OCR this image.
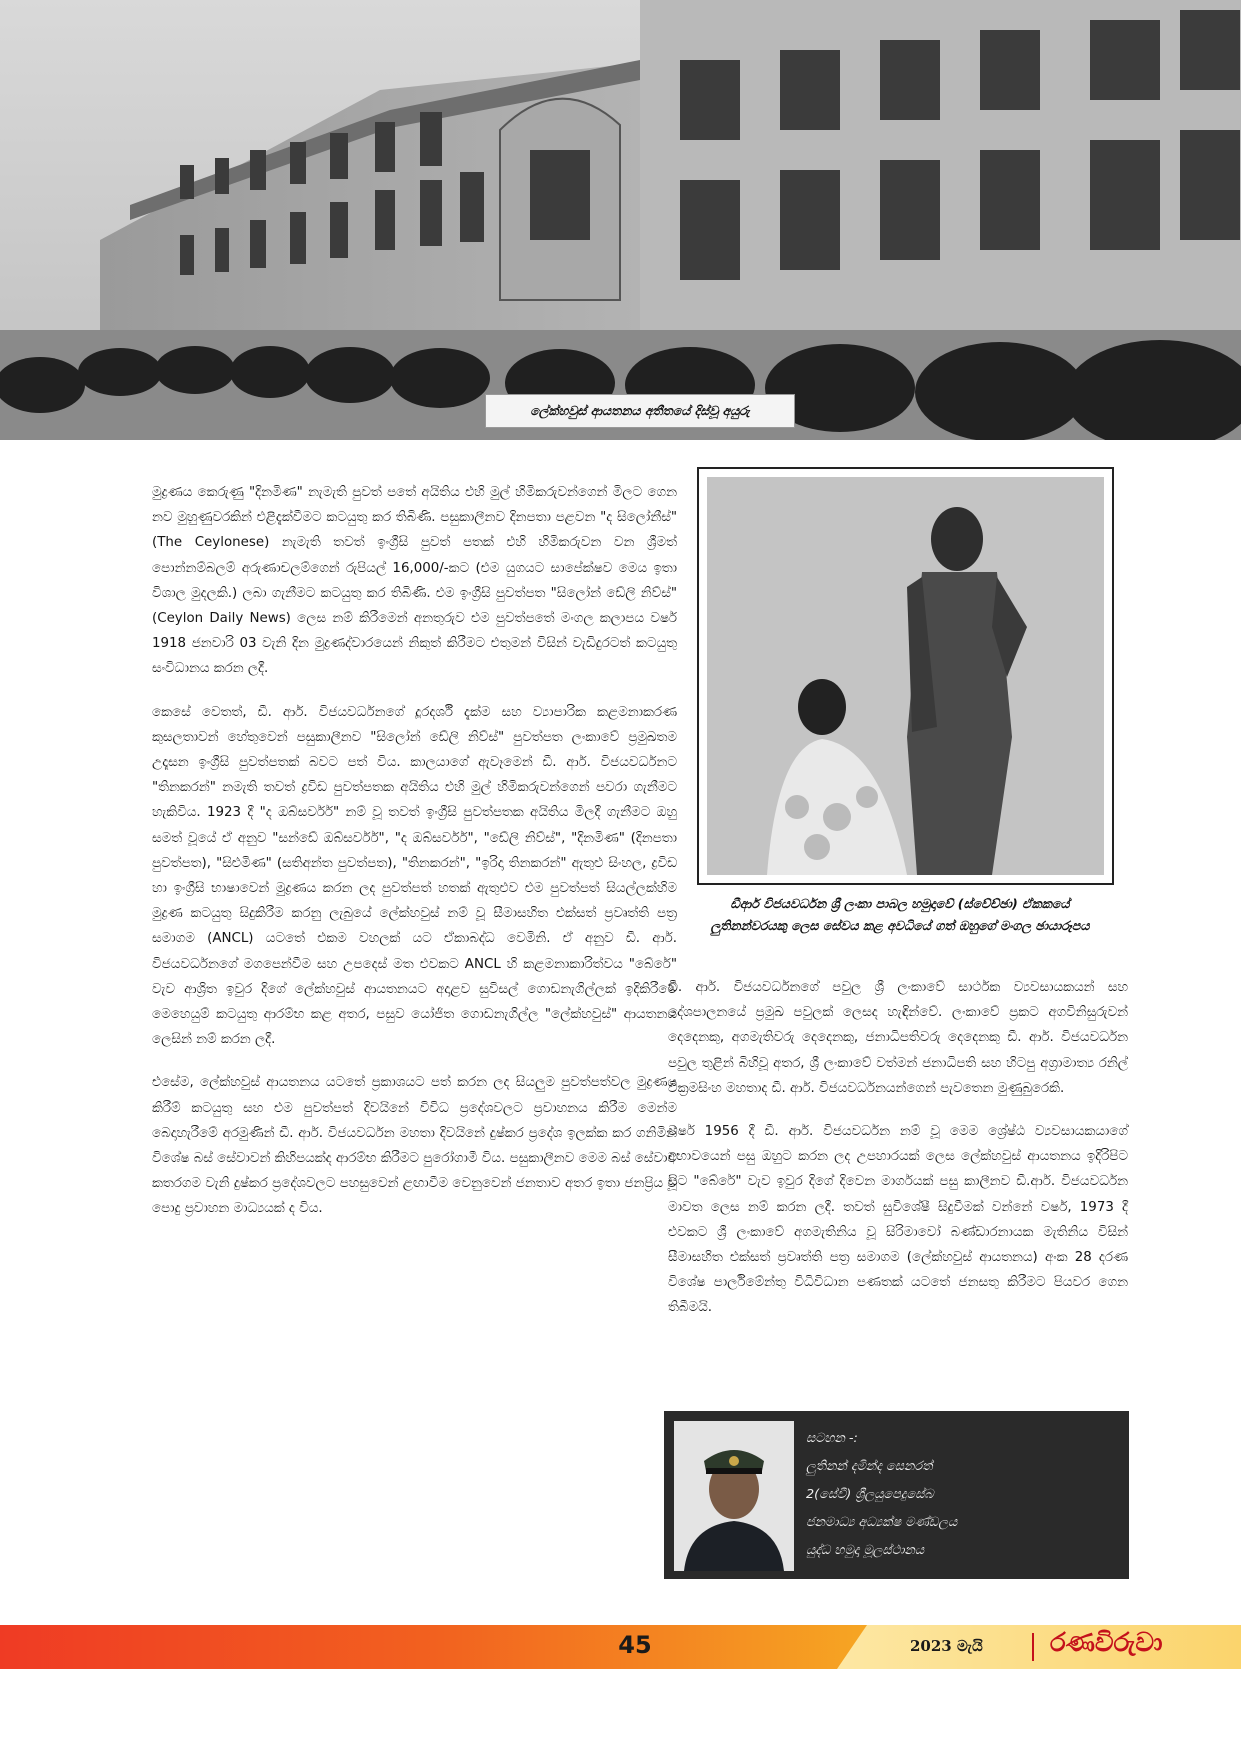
ලේක්හවුස් ආයතනය අතීතයේ දිස්වූ අයුරු

මුද්‍රණය කෙරුණු "දිනමිණ" නැමැති පුවත් පතේ අයිතිය එහි මුල් හිමිකරුවන්ගෙන් මිලට ගෙන නව මුහුණුවරකින් එළිදැක්වීමට කටයුතු කර තිබිණි. පසුකාලීනව දිනපතා පළවන "ද සිලෝනීස්" (The Ceylonese) නැමැති තවත් ඉංග්‍රීසි පුවත් පතක් එහි හිමිකරුවන වන ශ්‍රීමත් පොන්නම්බලම් අරුණාචලම්ගෙන් රුපියල් 16,000/-කට (එම යුගයට සාපේක්ෂව මෙය ඉතා විශාල මුදලකි.) ලබා ගැනීමට කටයුතු කර තිබිණි. එම ඉංග්‍රීසි පුවත්පත "සිලෝන් ඩේලි නිව්ස්" (Ceylon Daily News) ලෙස නම් කිරීමෙන් අනතුරුව එම පුවත්පතේ මංගල කලාපය වර්ෂ 1918 ජනවාරි 03 වැනි දින මුද්‍රණද්වාරයෙන් නිකුත් කිරීමට එතුමන් විසින් වැඩිදුරටත් කටයුතු සංවිධානය කරන ලදී.

කෙසේ වෙතත්, ඩී. ආර්. විජයවර්ධනගේ දූරදර්ශී දැක්ම සහ ව්‍යාපාරික කළමනාකරණ කුසලතාවන් හේතුවෙන් පසුකාලීනව "සිලෝන් ඩේලි නිව්ස්" පුවත්පත ලංකාවේ ප්‍රමුඛතම උදෑසන ඉංග්‍රීසි පුවත්පතක් බවට පත් විය. කාලයාගේ ඇවෑමෙන් ඩී. ආර්. විජයවර්ධනට "තිනකරන්" නමැති තවත් ද්‍රවිඩ පුවත්පතක අයිතිය එහි මුල් හිමිකරුවන්ගෙන් පවරා ගැනීමට හැකිවිය. 1923 දී "ද ඔබ්සර්වර්" නම් වූ තවත් ඉංග්‍රීසි පුවත්පතක අයිතිය මිලදී ගැනීමට ඔහු සමත් වූයේ ඒ අනුව "සන්ඩේ ඔබ්සර්වර්", "ද ඔබ්සර්වර්", "ඩේලි නිව්ස්", "දිනමිණ" (දිනපතා පුවත්පත), "සිළුමිණ" (සතිඅන්ත පුවත්පත), "තිනකරන්", "ඉරිදා තිනකරන්" ඇතුළු සිංහල, ද්‍රවිඩ හා ඉංග්‍රීසි භාෂාවෙන් මුද්‍රණය කරන ලද පුවත්පත් හතක් ඇතුළුව එම පුවත්පත් සියල්ලක්හිම මුද්‍රණ කටයුතු සිදුකිරීම කරනු ලැබුයේ ලේක්හවුස් නම් වූ සීමාසහිත එක්සත් ප්‍රවෘත්ති පත්‍ර සමාගම (ANCL) යටතේ එකම වහලක් යට ඒකාබද්ධ වෙමිනි. ඒ අනුව ඩී. ආර්. විජයවර්ධනගේ මගපෙන්වීම සහ උපදෙස් මත එවකට ANCL හි කළමනාකාරිත්වය "බේරේ" වැව ආශ්‍රිත ඉවුර දිගේ ලේක්හවුස් ආයතනයට අදාළව සුවිසල් ගොඩනැගිල්ලක් ඉදිකිරීමේ මෙහෙයුම් කටයුතු ආරම්භ කළ අතර, පසුව යෝජිත ගොඩනැගිල්ල "ලේක්හවුස්" ආයතනය ලෙසින් නම් කරන ලදී.

එසේම, ලේක්හවුස් ආයතනය යටතේ ප්‍රකාශයට පත් කරන ලද සියලුම පුවත්පත්වල මුද්‍රණය කිරීම් කටයුතු සහ එම පුවත්පත් දිවයිනේ විවිධ ප්‍රදේශවලට ප්‍රවාහනය කිරීම මෙන්ම බෙදාහැරීමේ අරමුණින් ඩී. ආර්. විජයවර්ධන මහතා දිවයිනේ දුෂ්කර ප්‍රදේශ ඉලක්ක කර ගනිමින් විශේෂ බස් සේවාවන් කිහිපයක්ද ආරම්භ කිරීමට පුරෝගාමී විය. පසුකාලීනව මෙම බස් සේවාව කතරගම වැනි දුෂ්කර ප්‍රදේශවලට පහසුවෙන් ළඟාවීම වෙනුවෙන් ජනතාව අතර ඉතා ජනප්‍රිය වූ පොදු ප්‍රවාහන මාධ්‍යයක් ද විය.

ඩීආර් විජයවර්ධන ශ්‍රී ලංකා පාබල හමුදාවේ (ස්වේච්ඡා) ඒකකයේ
ලුතිනන්වරයකු ලෙස සේවය කළ අවධියේ ගත් ඔහුගේ මංගල ඡායාරූපය

ඩී. ආර්. විජයවර්ධනගේ පවුල ශ්‍රී ලංකාවේ සාර්ථක ව්‍යවසායකයන් සහ දේශපාලනයේ ප්‍රමුඛ පවුලක් ලෙසද හැඳින්වේ. ලංකාවේ ප්‍රකට අගවිනිසුරුවන් දෙදෙනකු, අගමැතිවරු දෙදෙනකු, ජනාධිපතිවරු දෙදෙනකු ඩී. ආර්. විජයවර්ධන පවුල තුළින් බිහිවූ අතර, ශ්‍රී ලංකාවේ වත්මන් ජනාධිපති සහ හිටපු අග්‍රාමාත්‍ය රනිල් වික්‍රමසිංහ මහතාද ඩී. ආර්. විජයවර්ධනයන්ගෙන් පැවතෙන මුණුබුරෙකි.

වර්ෂ 1956 දී ඩී. ආර්. විජයවර්ධන නම් වූ මෙම ශ්‍රේෂ්ඨ ව්‍යවසායකයාගේ අභාවයෙන් පසු ඔහුට කරන ලද උපහාරයක් ලෙස ලේක්හවුස් ආයතනය ඉදිරිපිට සිට "බේරේ" වැව ඉවුර දිගේ දිවෙන මාර්ගයක් පසු කාලීනව ඩී.ආර්. විජයවර්ධන මාවත ලෙස නම් කරන ලදී. තවත් සුවිශේෂී සිදුවීමක් වන්නේ වර්ෂ, 1973 දී එවකට ශ්‍රී ලංකාවේ අගමැතිනිය වූ සිරිමාවෝ බණ්ඩාරනායක මැතිනිය විසින් සීමාසහිත එක්සත් ප්‍රවෘත්ති පත්‍ර සමාගම (ලේක්හවුස් ආයතනය) අංක 28 දරණ විශේෂ පාර්ලිමේන්තු විධිවිධාන පණතක් යටතේ ජනසතු කිරීමට පියවර ගෙන තිබීමයි.

සටහන -:
ලුතිනන් දමින්ද සෙනරත්
2(සේවී) ශ්‍රීලයුපෙදුසේබ
ජනමාධ්‍ය අධ්‍යක්ෂ මණ්ඩලය
යුද්ධ හමුදා මූලස්ථානය
45	2023 මැයි	රණවිරුවා
